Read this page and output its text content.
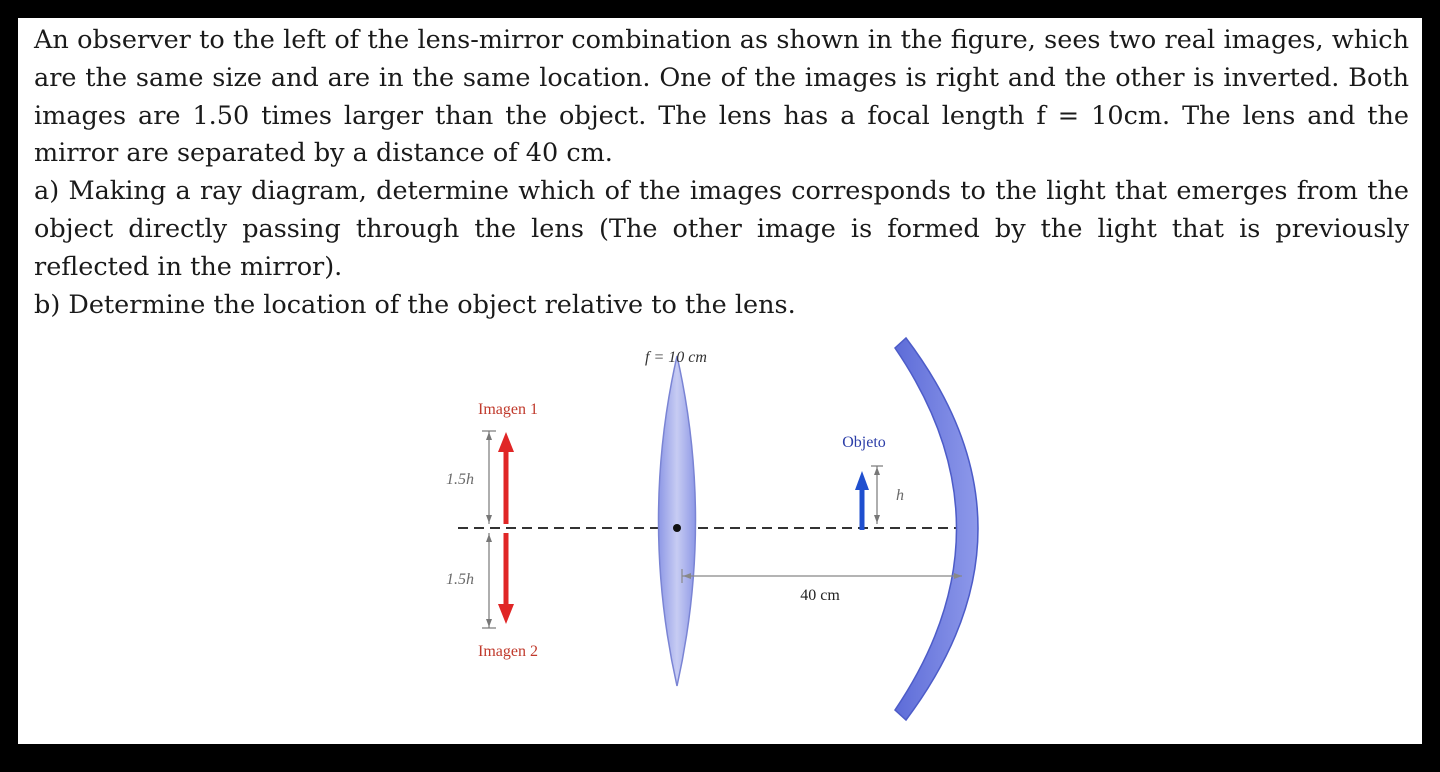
An observer to the left of the lens-mirror combination as shown in the figure, sees two real images, which are the same size and are in the same location. One of the images is right and the other is inverted. Both images are 1.50 times larger than the object. The lens has a focal length f = 10cm. The lens and the mirror are separated by a distance of 40 cm.

a) Making a ray diagram, determine which of the images corresponds to the light that emerges from the object directly passing through the lens (The other image is formed by the light that is previously reflected in the mirror).

b) Determine the location of the object relative to the lens.

f = 10 cm
1.5h
1.5h
Imagen 1
Imagen 2
h
Objeto
40 cm
